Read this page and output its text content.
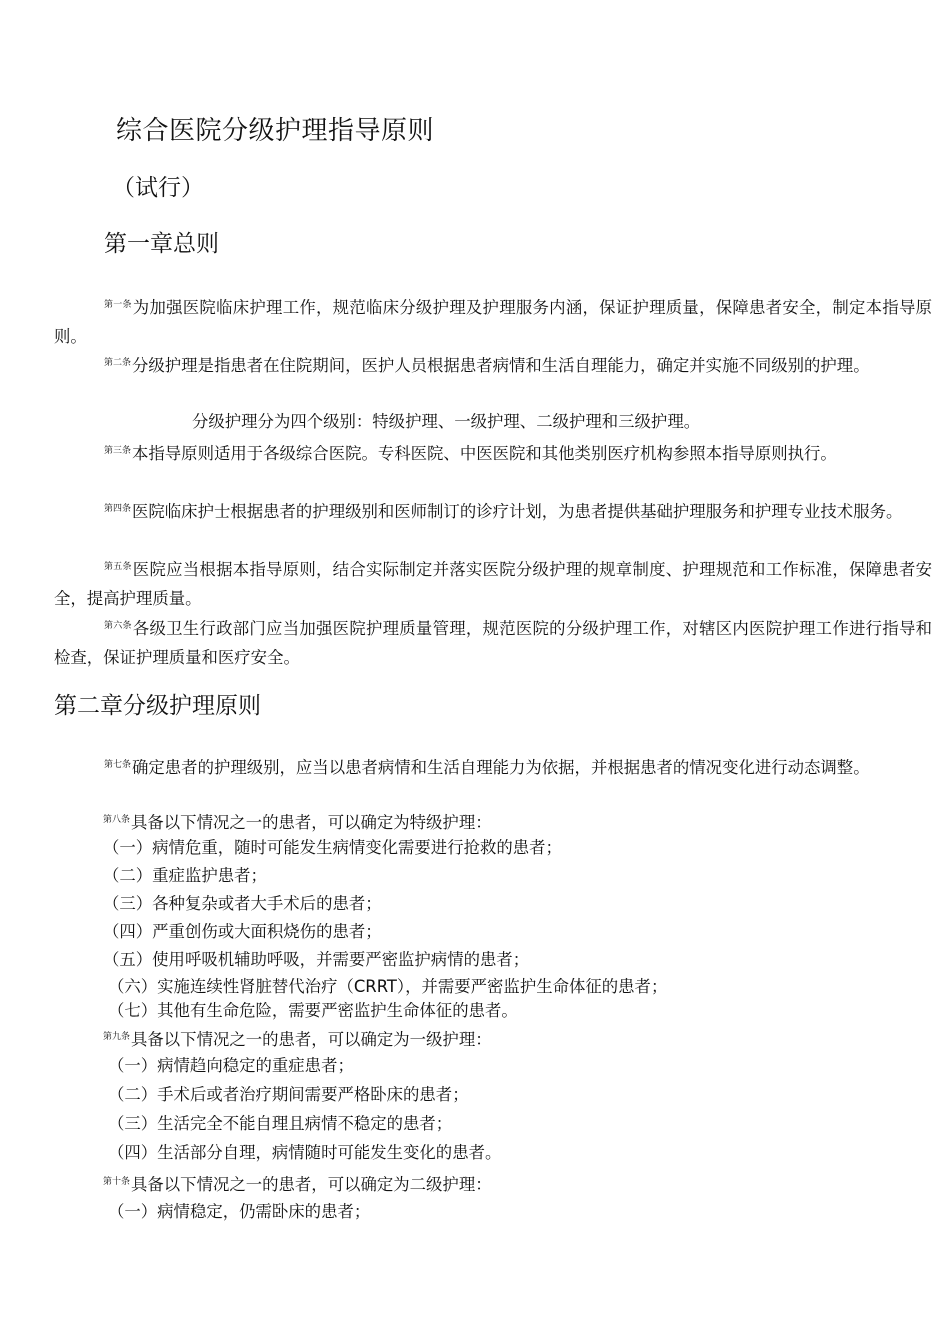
综合医院分级护理指导原则
（试行）
第一章总则
$^{第一条}$为加强医院临床护理工作，规范临床分级护理及护理服务内涵，保证护理质量，保障患者安全，制定本指导原则。
$^{第二条}$分级护理是指患者在住院期间，医护人员根据患者病情和生活自理能力，确定并实施不同级别的护理。
分级护理分为四个级别：特级护理、一级护理、二级护理和三级护理。
$^{第三条}$本指导原则适用于各级综合医院。专科医院、中医医院和其他类别医疗机构参照本指导原则执行。
$^{第四条}$医院临床护士根据患者的护理级别和医师制订的诊疗计划，为患者提供基础护理服务和护理专业技术服务。
$^{第五条}$医院应当根据本指导原则，结合实际制定并落实医院分级护理的规章制度、护理规范和工作标准，保障患者安全，提高护理质量。
$^{第六条}$各级卫生行政部门应当加强医院护理质量管理，规范医院的分级护理工作，对辖区内医院护理工作进行指导和检查，保证护理质量和医疗安全。
第二章分级护理原则
$^{第七条}$确定患者的护理级别，应当以患者病情和生活自理能力为依据，并根据患者的情况变化进行动态调整。
$^{第八条}$具备以下情况之一的患者，可以确定为特级护理：
（一）病情危重，随时可能发生病情变化需要进行抢救的患者；
（二）重症监护患者；
（三）各种复杂或者大手术后的患者；
（四）严重创伤或大面积烧伤的患者；
（五）使用呼吸机辅助呼吸，并需要严密监护病情的患者；
（六）实施连续性肾脏替代治疗（CRRT），并需要严密监护生命体征的患者；
（七）其他有生命危险，需要严密监护生命体征的患者。
$^{第九条}$具备以下情况之一的患者，可以确定为一级护理：
（一）病情趋向稳定的重症患者；
（二）手术后或者治疗期间需要严格卧床的患者；
（三）生活完全不能自理且病情不稳定的患者；
（四）生活部分自理，病情随时可能发生变化的患者。
$^{第十条}$具备以下情况之一的患者，可以确定为二级护理：
（一）病情稳定，仍需卧床的患者；
